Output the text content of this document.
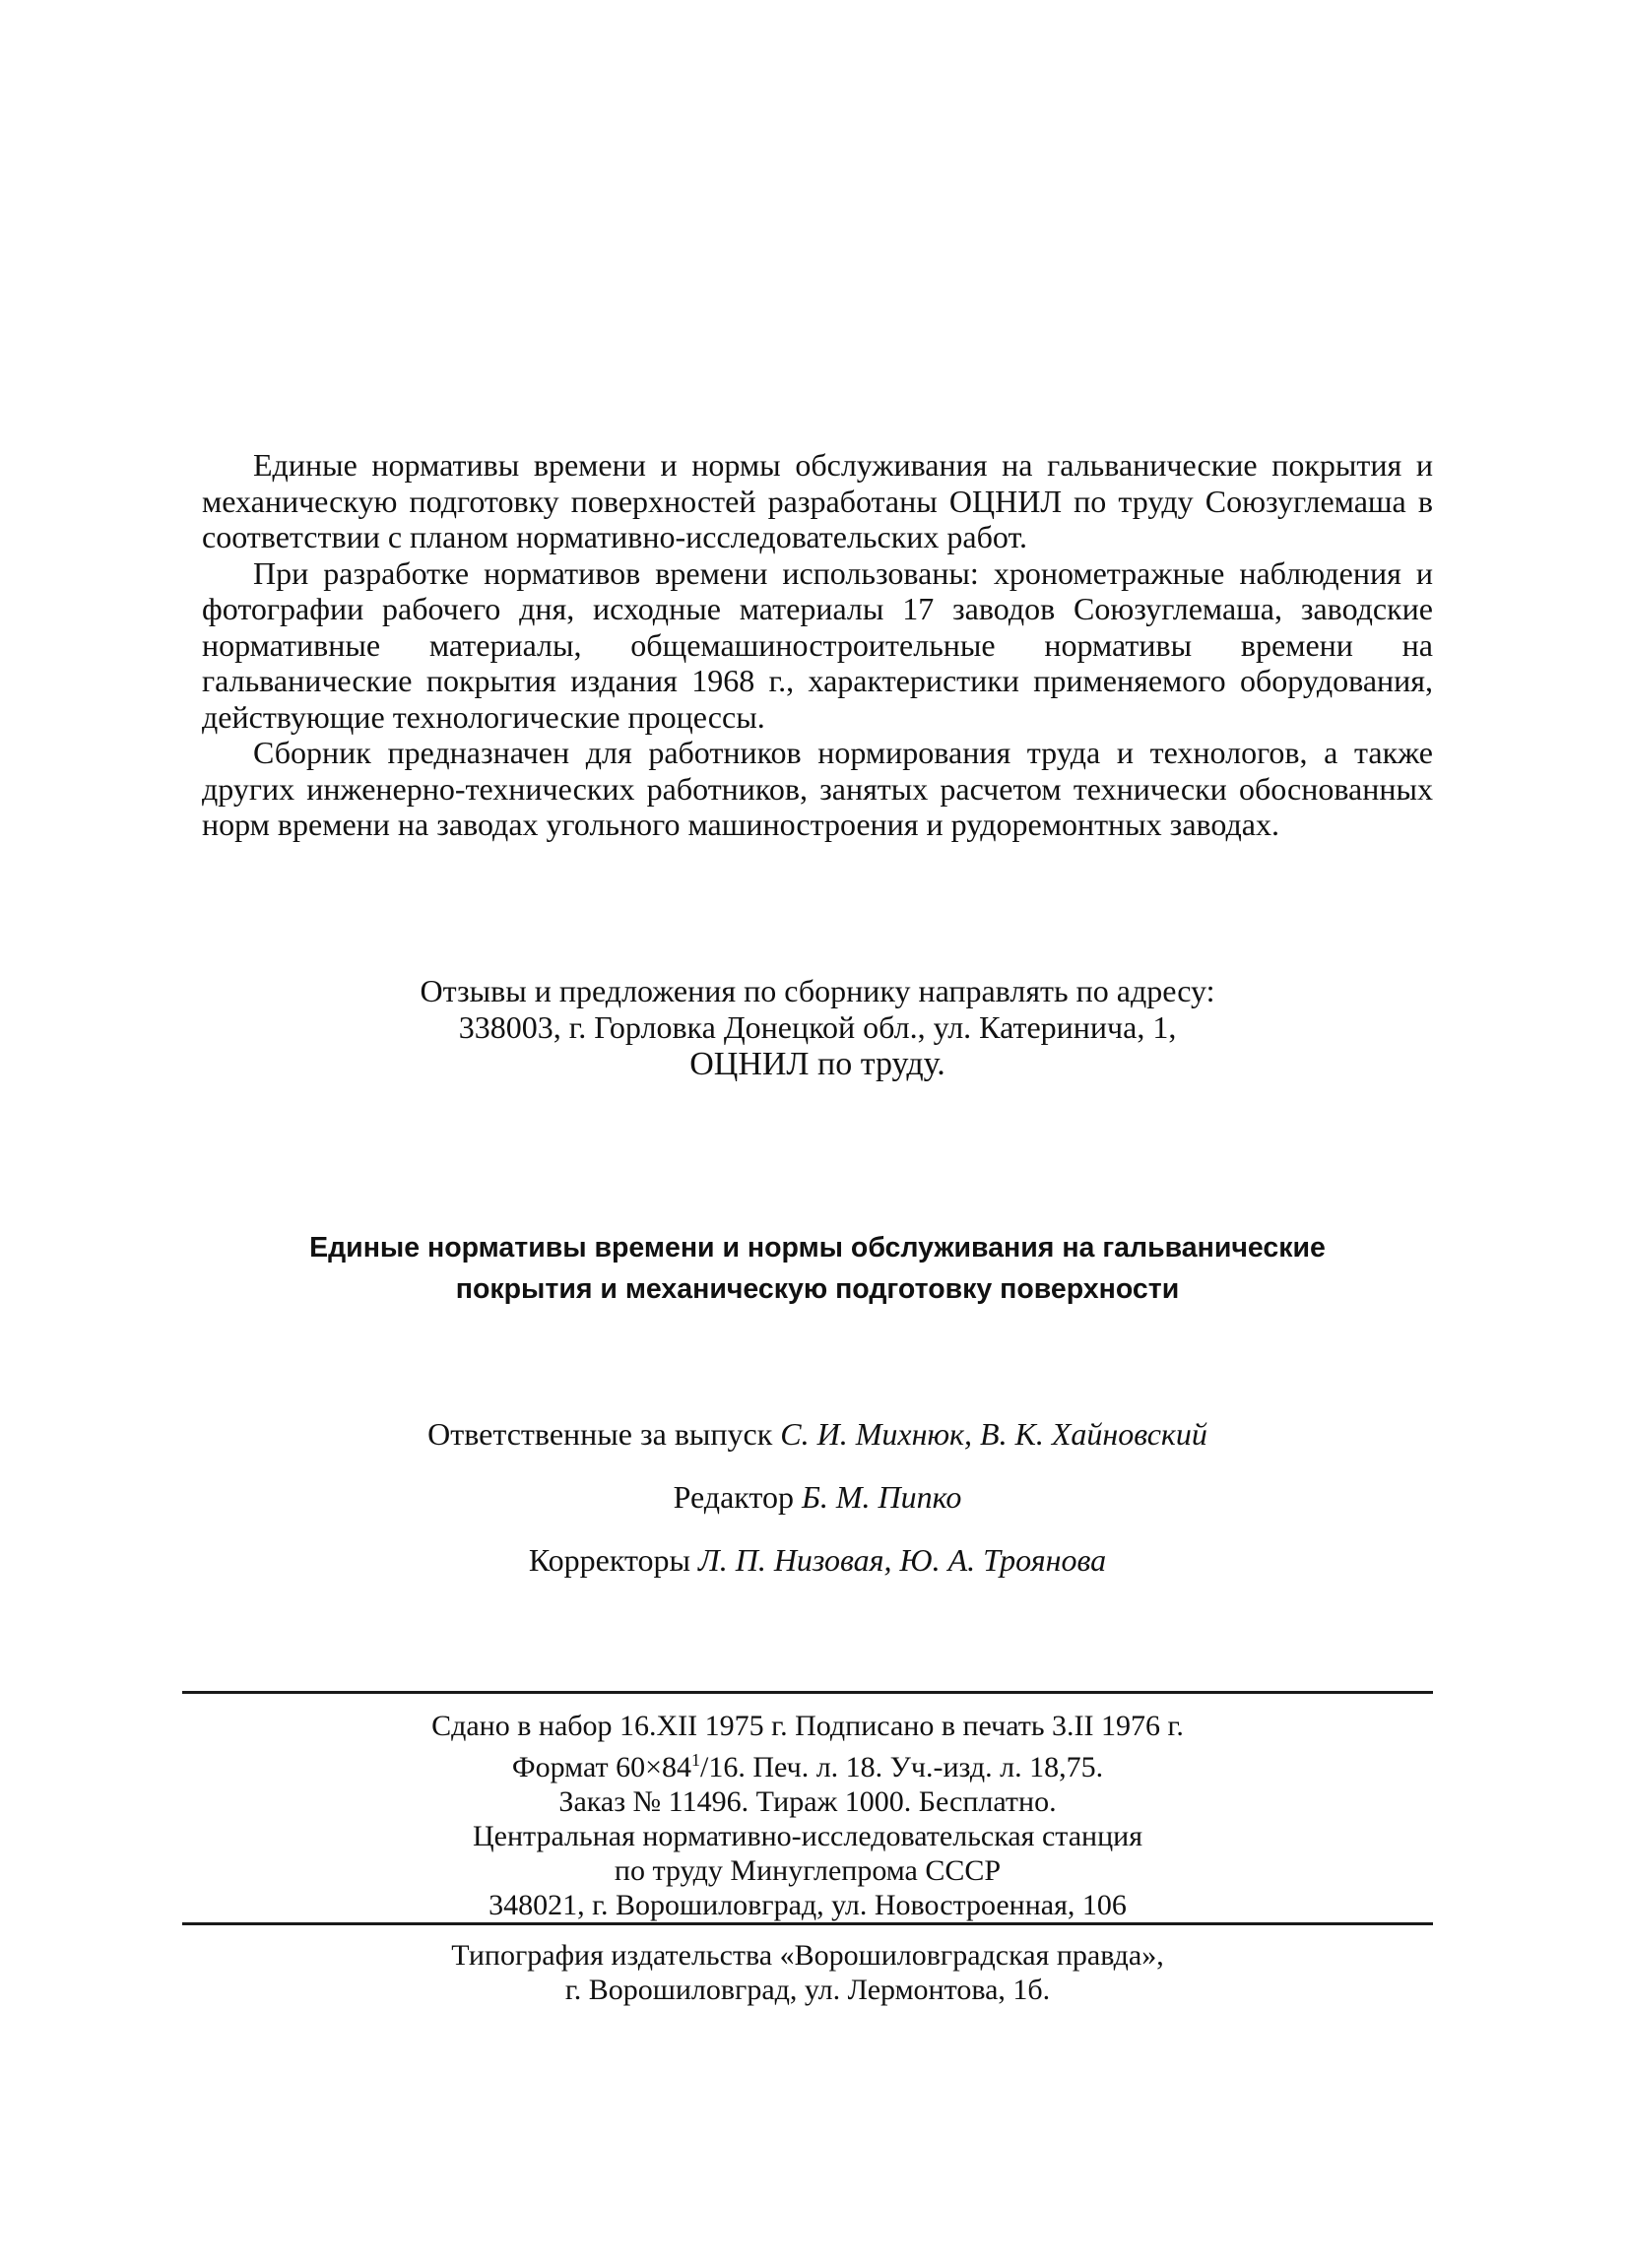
Единые нормативы времени и нормы обслуживания на гальванические покрытия и механическую подготовку поверхностей разработаны ОЦНИЛ по труду Союзуглемаша в соответствии с планом нормативно-исследовательских работ.

При разработке нормативов времени использованы: хронометражные наблюдения и фотографии рабочего дня, исходные материалы 17 заводов Союзуглемаша, заводские нормативные материалы, общемашиностроительные нормативы времени на гальванические покрытия издания 1968 г., характеристики применяемого оборудования, действующие технологические процессы.

Сборник предназначен для работников нормирования труда и технологов, а также других инженерно-технических работников, занятых расчетом технически обоснованных норм времени на заводах угольного машиностроения и рудоремонтных заводах.

Отзывы и предложения по сборнику направлять по адресу:
338003, г. Горловка Донецкой обл., ул. Катеринича, 1,
ОЦНИЛ по труду.
Единые нормативы времени и нормы обслуживания на гальванические
покрытия и механическую подготовку поверхности
Ответственные за выпуск С. И. Михнюк, В. К. Хайновский
Редактор Б. М. Пипко
Корректоры Л. П. Низовая, Ю. А. Троянова
Сдано в набор 16.XII 1975 г. Подписано в печать 3.II 1976 г.
Формат $60\times 84^1/16$. Печ. л. 18. Уч.-изд. л. 18,75.
Заказ № 11496. Тираж 1000. Бесплатно.
Центральная нормативно-исследовательская станция
по труду Минуглепрома СССР
348021, г. Ворошиловград, ул. Новостроенная, 106
Типография издательства «Ворошиловградская правда»,
г. Ворошиловград, ул. Лермонтова, 1б.
